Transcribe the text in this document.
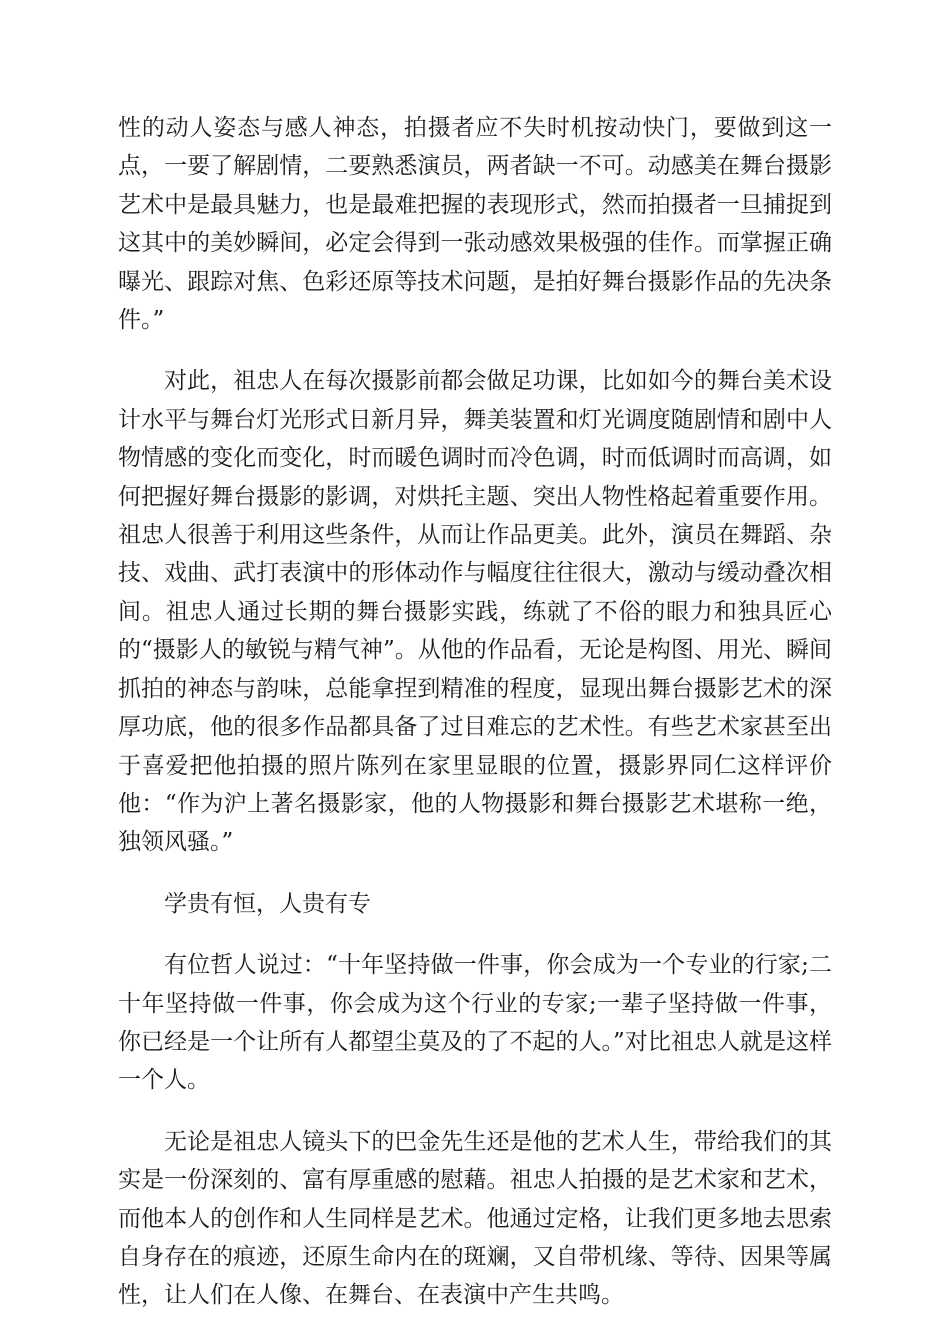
性的动人姿态与感人神态，拍摄者应不失时机按动快门，要做到这一点，一要了解剧情，二要熟悉演员，两者缺一不可。动感美在舞台摄影艺术中是最具魅力，也是最难把握的表现形式，然而拍摄者一旦捕捉到这其中的美妙瞬间，必定会得到一张动感效果极强的佳作。而掌握正确曝光、跟踪对焦、色彩还原等技术问题，是拍好舞台摄影作品的先决条件。”

对此，祖忠人在每次摄影前都会做足功课，比如如今的舞台美术设计水平与舞台灯光形式日新月异，舞美装置和灯光调度随剧情和剧中人物情感的变化而变化，时而暖色调时而冷色调，时而低调时而高调，如何把握好舞台摄影的影调，对烘托主题、突出人物性格起着重要作用。祖忠人很善于利用这些条件，从而让作品更美。此外，演员在舞蹈、杂技、戏曲、武打表演中的形体动作与幅度往往很大，激动与缓动叠次相间。祖忠人通过长期的舞台摄影实践，练就了不俗的眼力和独具匠心的“摄影人的敏锐与精气神”。从他的作品看，无论是构图、用光、瞬间抓拍的神态与韵味，总能拿捏到精准的程度，显现出舞台摄影艺术的深厚功底，他的很多作品都具备了过目难忘的艺术性。有些艺术家甚至出于喜爱把他拍摄的照片陈列在家里显眼的位置，摄影界同仁这样评价他：“作为沪上著名摄影家，他的人物摄影和舞台摄影艺术堪称一绝，独领风骚。”

学贵有恒，人贵有专

有位哲人说过：“十年坚持做一件事，你会成为一个专业的行家;二十年坚持做一件事，你会成为这个行业的专家;一辈子坚持做一件事，你已经是一个让所有人都望尘莫及的了不起的人。”对比祖忠人就是这样一个人。

无论是祖忠人镜头下的巴金先生还是他的艺术人生，带给我们的其实是一份深刻的、富有厚重感的慰藉。祖忠人拍摄的是艺术家和艺术，而他本人的创作和人生同样是艺术。他通过定格，让我们更多地去思索自身存在的痕迹，还原生命内在的斑斓，又自带机缘、等待、因果等属性，让人们在人像、在舞台、在表演中产生共鸣。
